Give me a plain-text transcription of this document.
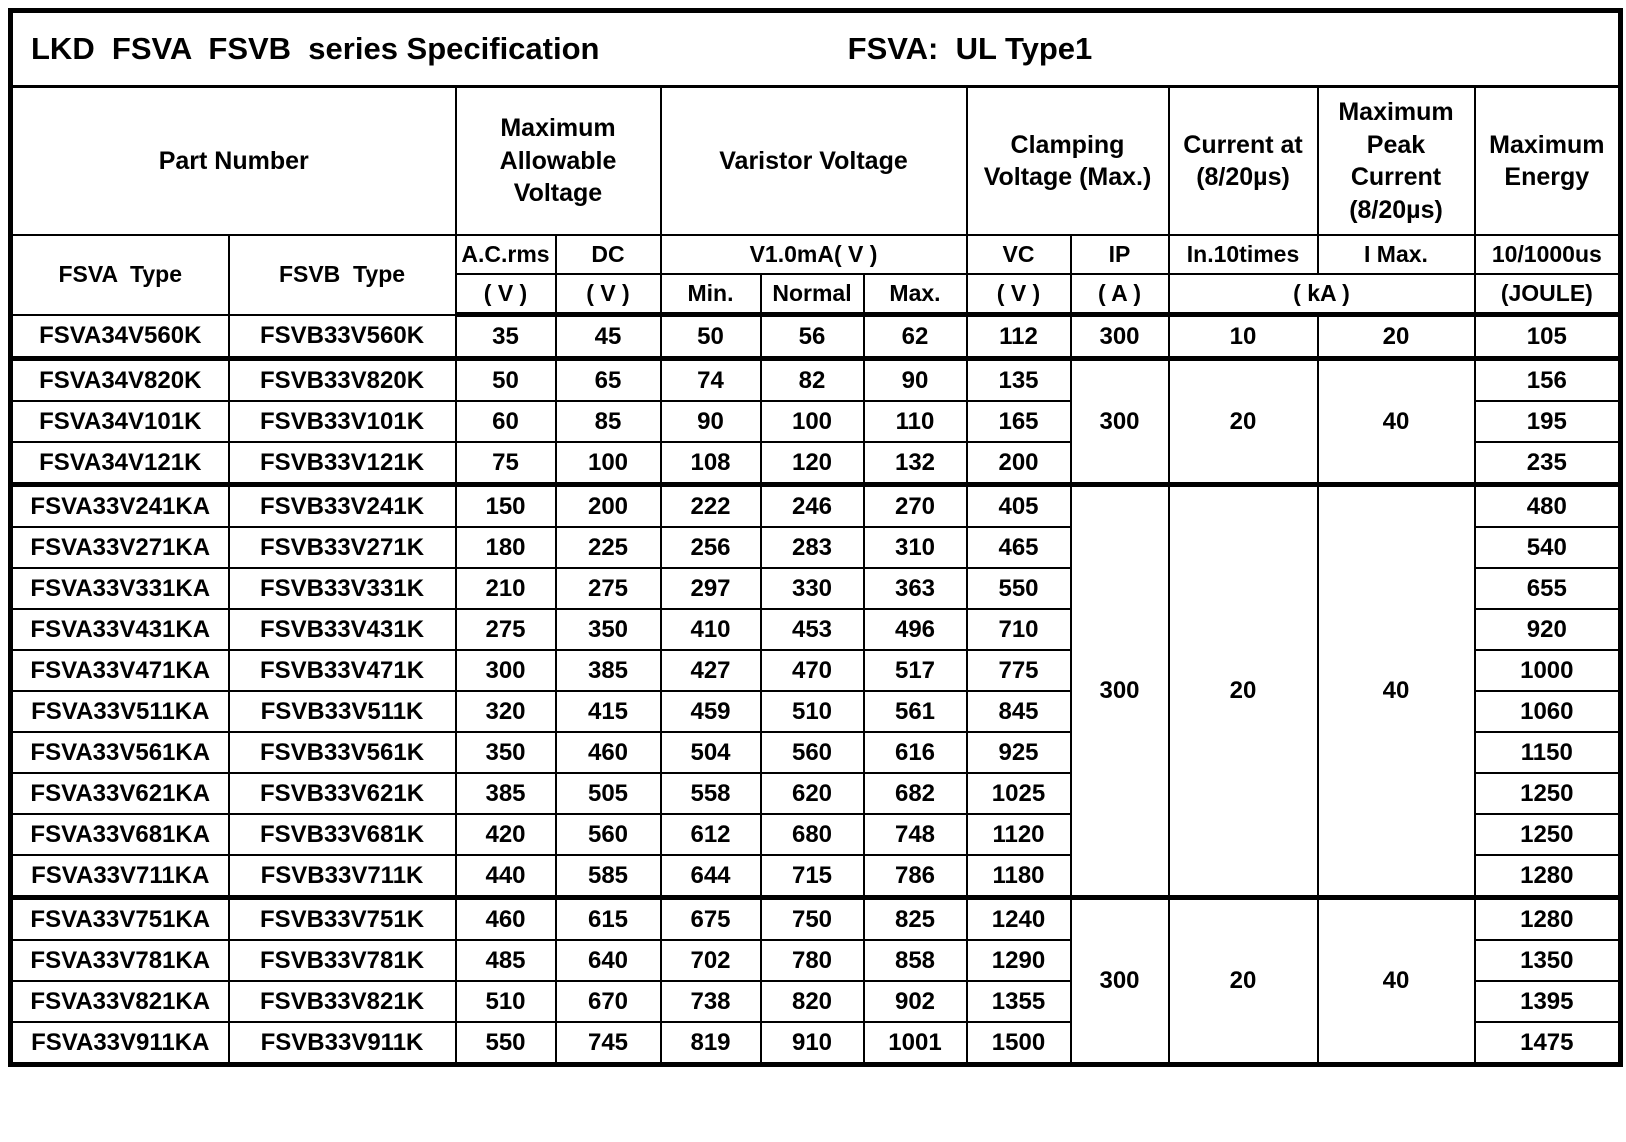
LKD  FSVA  FSVB  series Specification FSVA:  UL Type1											

Part Number		Maximum Allowable Voltage		Varistor Voltage			Clamping Voltage (Max.)		Current at (8/20µs)	Maximum Peak Current (8/20µs)	Maximum Energy
FSVA  Type	FSVB  Type	A.C.rms	DC	V1.0mA( V )			VC	IP	In.10times	I Max.	10/1000us
		( V )	( V )	Min.	Normal	Max.	( V )	( A )	( kA )		(JOULE)
FSVA34V560K	FSVB33V560K	35	45	50	56	62	112	300	10	20	105
FSVA34V820K	FSVB33V820K	50	65	74	82	90	135	300	20	40	156
FSVA34V101K	FSVB33V101K	60	85	90	100	110	165				195
FSVA34V121K	FSVB33V121K	75	100	108	120	132	200				235
FSVA33V241KA	FSVB33V241K	150	200	222	246	270	405	300	20	40	480
FSVA33V271KA	FSVB33V271K	180	225	256	283	310	465				540
FSVA33V331KA	FSVB33V331K	210	275	297	330	363	550				655
FSVA33V431KA	FSVB33V431K	275	350	410	453	496	710				920
FSVA33V471KA	FSVB33V471K	300	385	427	470	517	775				1000
FSVA33V511KA	FSVB33V511K	320	415	459	510	561	845				1060
FSVA33V561KA	FSVB33V561K	350	460	504	560	616	925				1150
FSVA33V621KA	FSVB33V621K	385	505	558	620	682	1025				1250
FSVA33V681KA	FSVB33V681K	420	560	612	680	748	1120				1250
FSVA33V711KA	FSVB33V711K	440	585	644	715	786	1180				1280
FSVA33V751KA	FSVB33V751K	460	615	675	750	825	1240	300	20	40	1280
FSVA33V781KA	FSVB33V781K	485	640	702	780	858	1290				1350
FSVA33V821KA	FSVB33V821K	510	670	738	820	902	1355				1395
FSVA33V911KA	FSVB33V911K	550	745	819	910	1001	1500				1475
